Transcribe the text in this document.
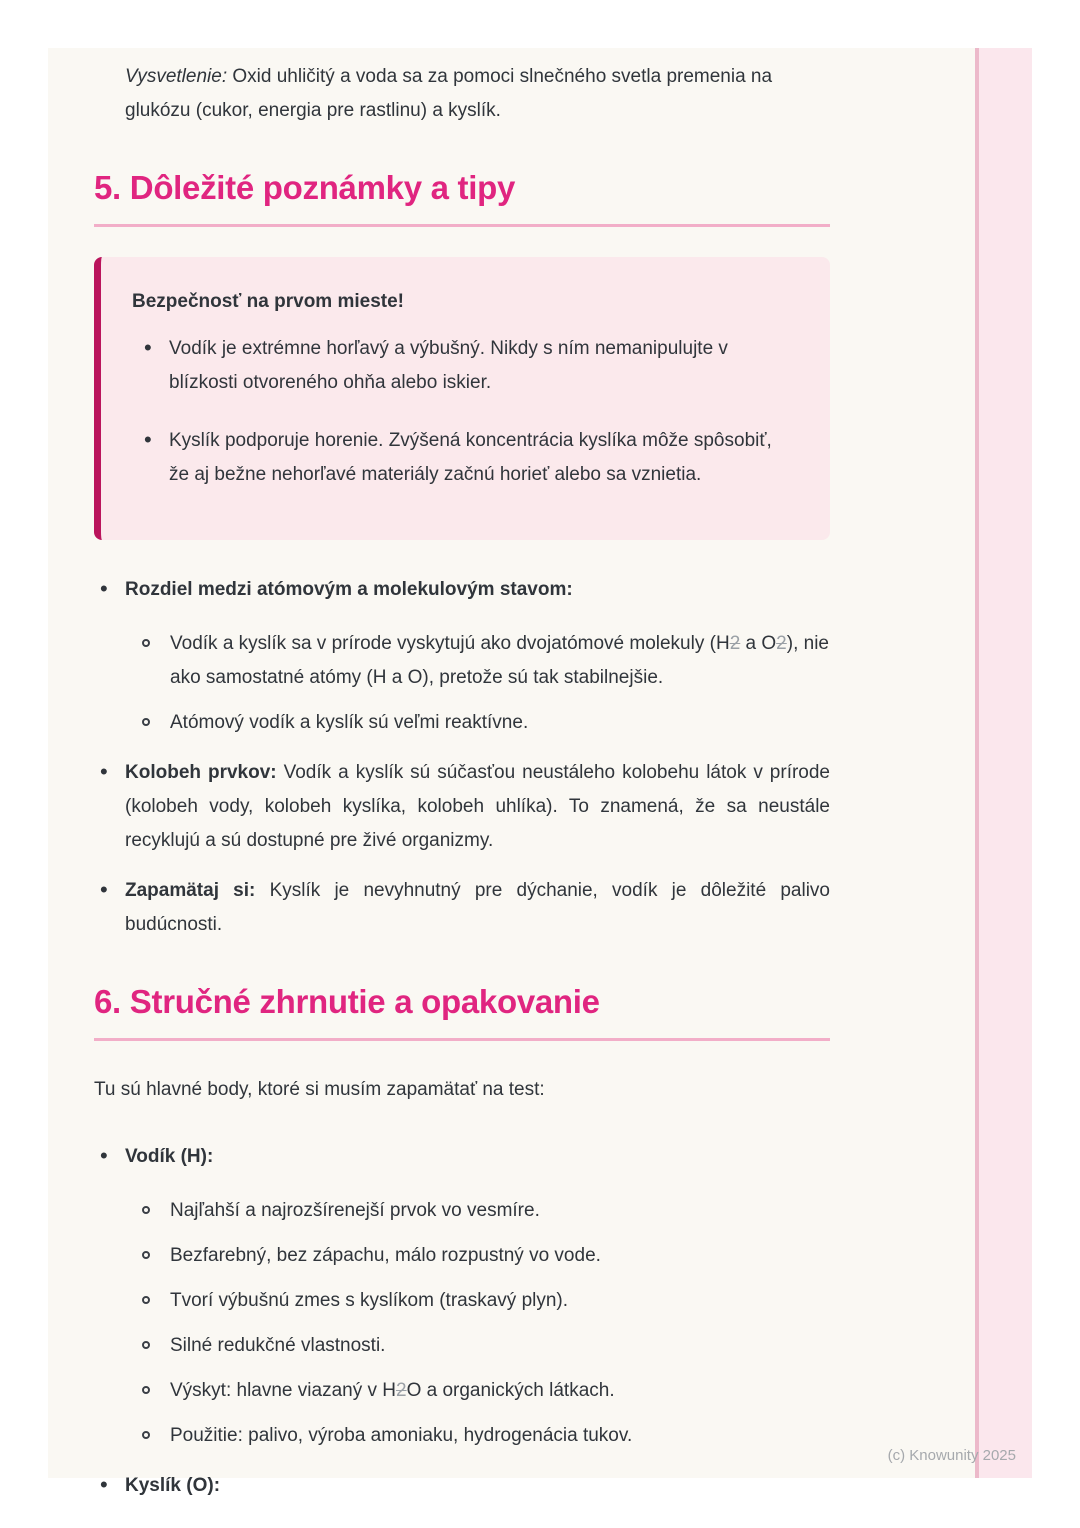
Vysvetlenie: Oxid uhličitý a voda sa za pomoci slnečného svetla premenia na glukózu (cukor, energia pre rastlinu) a kyslík.

5. Dôležité poznámky a tipy

Bezpečnosť na prvom mieste!

• Vodík je extrémne horľavý a výbušný. Nikdy s ním nemanipulujte v blízkosti otvoreného ohňa alebo iskier.
• Kyslík podporuje horenie. Zvýšená koncentrácia kyslíka môže spôsobiť, že aj bežne nehorľavé materiály začnú horieť alebo sa vznietia.
• Rozdiel medzi atómovým a molekulovým stavom:
Vodík a kyslík sa v prírode vyskytujú ako dvojatómové molekuly (H2 a O2), nie ako samostatné atómy (H a O), pretože sú tak stabilnejšie.
Atómový vodík a kyslík sú veľmi reaktívne.
• Kolobeh prvkov: Vodík a kyslík sú súčasťou neustáleho kolobehu látok v prírode (kolobeh vody, kolobeh kyslíka, kolobeh uhlíka). To znamená, že sa neustále recyklujú a sú dostupné pre živé organizmy.
• Zapamätaj si: Kyslík je nevyhnutný pre dýchanie, vodík je dôležité palivo budúcnosti.
6. Stručné zhrnutie a opakovanie

Tu sú hlavné body, ktoré si musím zapamätať na test:

• Vodík (H):
Najľahší a najrozšírenejší prvok vo vesmíre.
Bezfarebný, bez zápachu, málo rozpustný vo vode.
Tvorí výbušnú zmes s kyslíkom (traskavý plyn).
Silné redukčné vlastnosti.
Výskyt: hlavne viazaný v H2O a organických látkach.
Použitie: palivo, výroba amoniaku, hydrogenácia tukov.
• Kyslík (O):
(c) Knowunity 2025
